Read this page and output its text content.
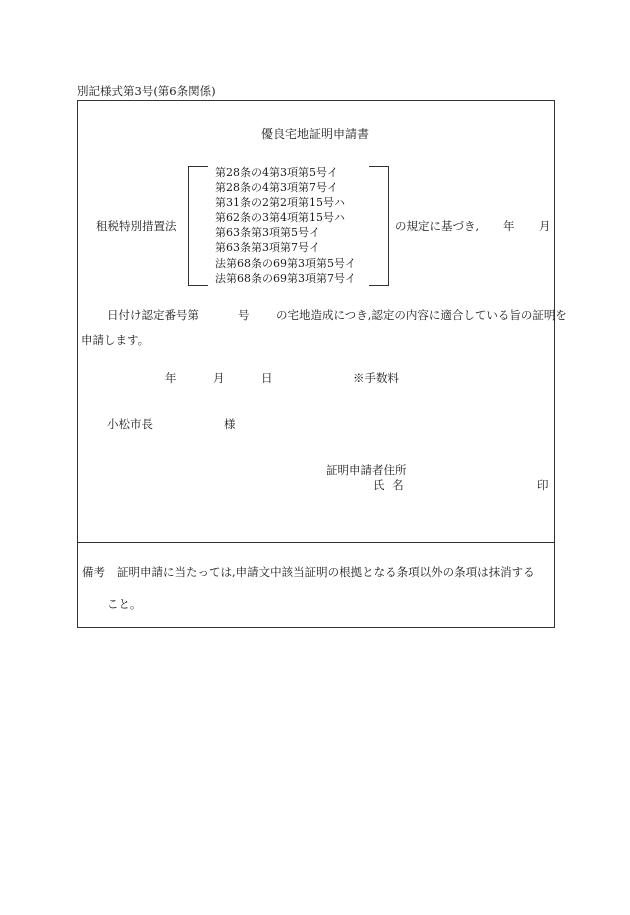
別記様式第3号(第6条関係)
優良宅地証明申請書
租税特別措置法
第28条の4第3項第5号イ
第28条の4第3項第7号イ
第31条の2第2項第15号ハ
第62条の3第4項第15号ハ
第63条第3項第5号イ
第63条第3項第7号イ
法第68条の69第3項第5号イ
法第68条の69第3項第7号イ
の規定に基づき, 年 月
日付け認定番号第	号 の宅地造成につき,認定の内容に適合している旨の証明を
申請します。
年	月	日	※手数料
小松市長	様
証明申請者住所
氏 名	印
備考 証明申請に当たっては,申請文中該当証明の根拠となる条項以外の条項は抹消する
こと。
